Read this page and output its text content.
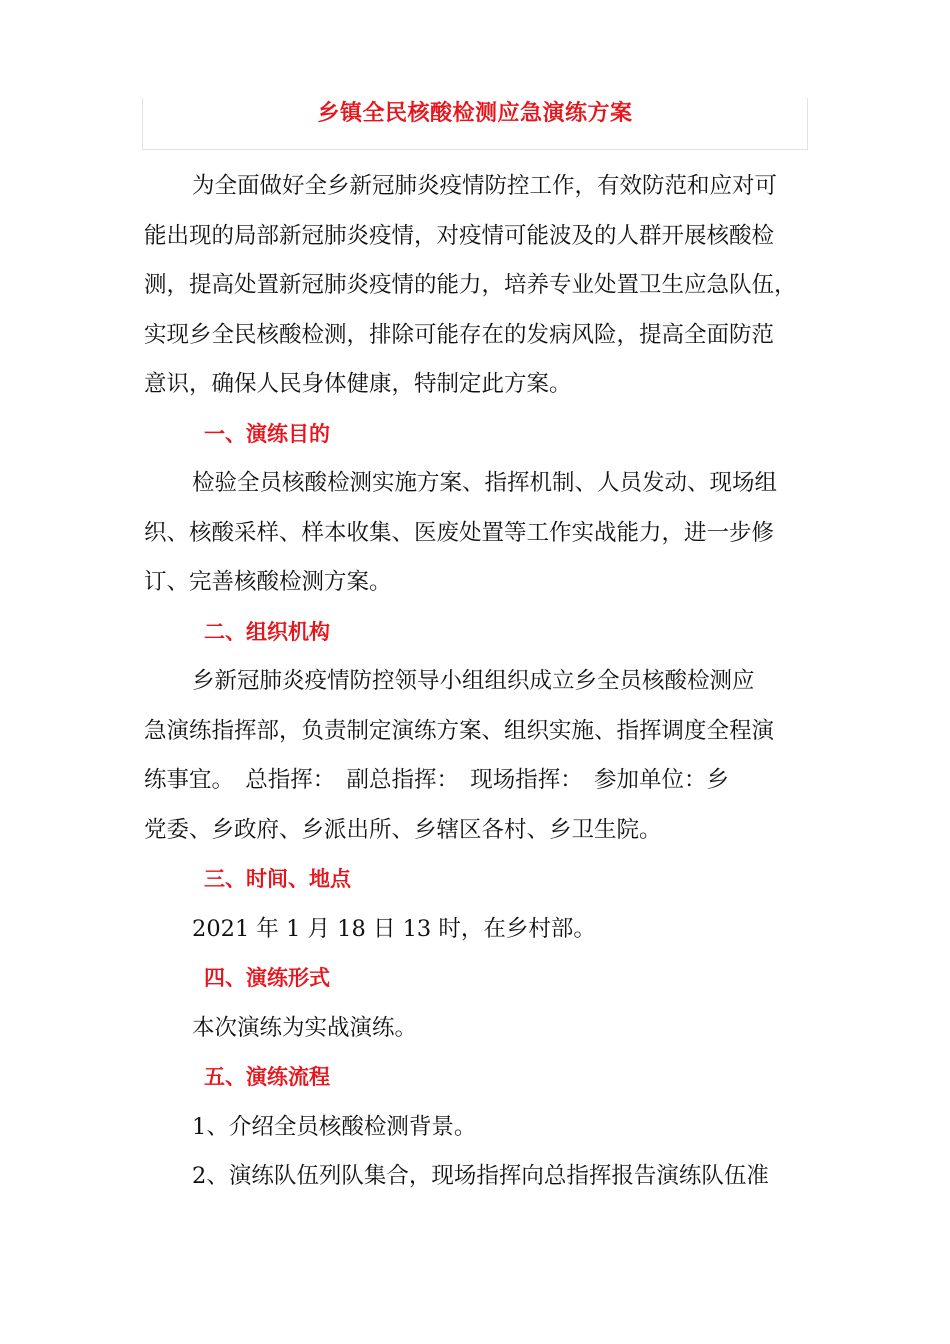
乡镇全民核酸检测应急演练方案

为全面做好全乡新冠肺炎疫情防控工作，有效防范和应对可
能出现的局部新冠肺炎疫情，对疫情可能波及的人群开展核酸检
测，提高处置新冠肺炎疫情的能力，培养专业处置卫生应急队伍，
实现乡全民核酸检测，排除可能存在的发病风险，提高全面防范
意识，确保人民身体健康，特制定此方案。

一、演练目的

检验全员核酸检测实施方案、指挥机制、人员发动、现场组
织、核酸采样、样本收集、医废处置等工作实战能力，进一步修
订、完善核酸检测方案。

二、组织机构

乡新冠肺炎疫情防控领导小组组织成立乡全员核酸检测应
急演练指挥部，负责制定演练方案、组织实施、指挥调度全程演
练事宜。　总指挥：　副总指挥：　现场指挥：　参加单位：乡
党委、乡政府、乡派出所、乡辖区各村、乡卫生院。

三、时间、地点

2021 年 1 月 18 日 13 时，在乡村部。

四、演练形式

本次演练为实战演练。

五、演练流程

1、介绍全员核酸检测背景。
2、演练队伍列队集合，现场指挥向总指挥报告演练队伍准
